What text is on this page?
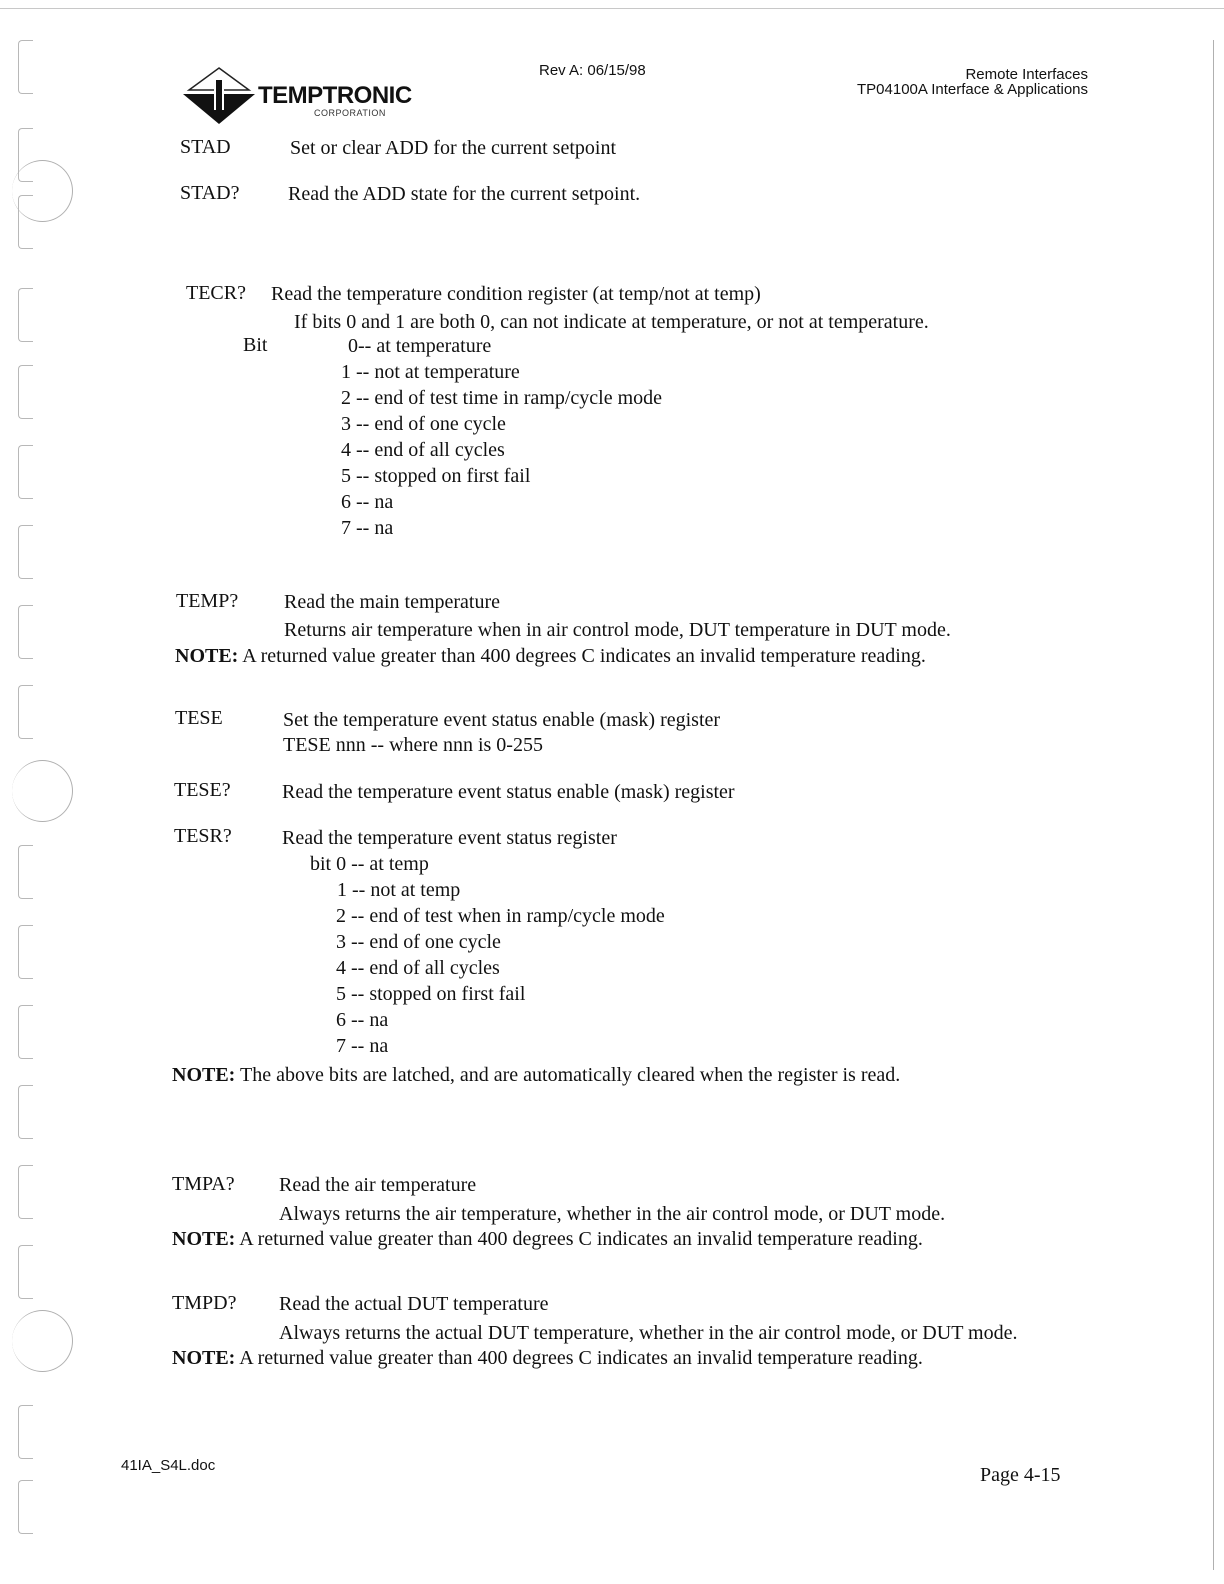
TEMPTRONIC
CORPORATION
Rev A: 06/15/98	Remote Interfaces
TP04100A Interface & Applications
STAD	Set or clear ADD for the current setpoint
STAD? Read the ADD state for the current setpoint.
TECR? Read the temperature condition register (at temp/not at temp)
If bits 0 and 1 are both 0, can not indicate at temperature, or not at temperature.
Bit	0-- at temperature
1 -- not at temperature
2 -- end of test time in ramp/cycle mode
3 -- end of one cycle
4 -- end of all cycles
5 -- stopped on first fail
6 -- na
7 -- na
TEMP? Read the main temperature
Returns air temperature when in air control mode, DUT temperature in DUT mode.
NOTE: A returned value greater than 400 degrees C indicates an invalid temperature reading.
TESE	Set the temperature event status enable (mask) register
TESE nnn -- where nnn is 0-255
TESE?	Read the temperature event status enable (mask) register
TESR?	Read the temperature event status register
bit 0 -- at temp
1 -- not at temp
2 -- end of test when in ramp/cycle mode
3 -- end of one cycle
4 -- end of all cycles
5 -- stopped on first fail
6 -- na
7 -- na
NOTE: The above bits are latched, and are automatically cleared when the register is read.
TMPA? Read the air temperature
Always returns the air temperature, whether in the air control mode, or DUT mode.
NOTE: A returned value greater than 400 degrees C indicates an invalid temperature reading.
TMPD? Read the actual DUT temperature
Always returns the actual DUT temperature, whether in the air control mode, or DUT mode.
NOTE: A returned value greater than 400 degrees C indicates an invalid temperature reading.
41IA_S4L.doc	Page 4-15
